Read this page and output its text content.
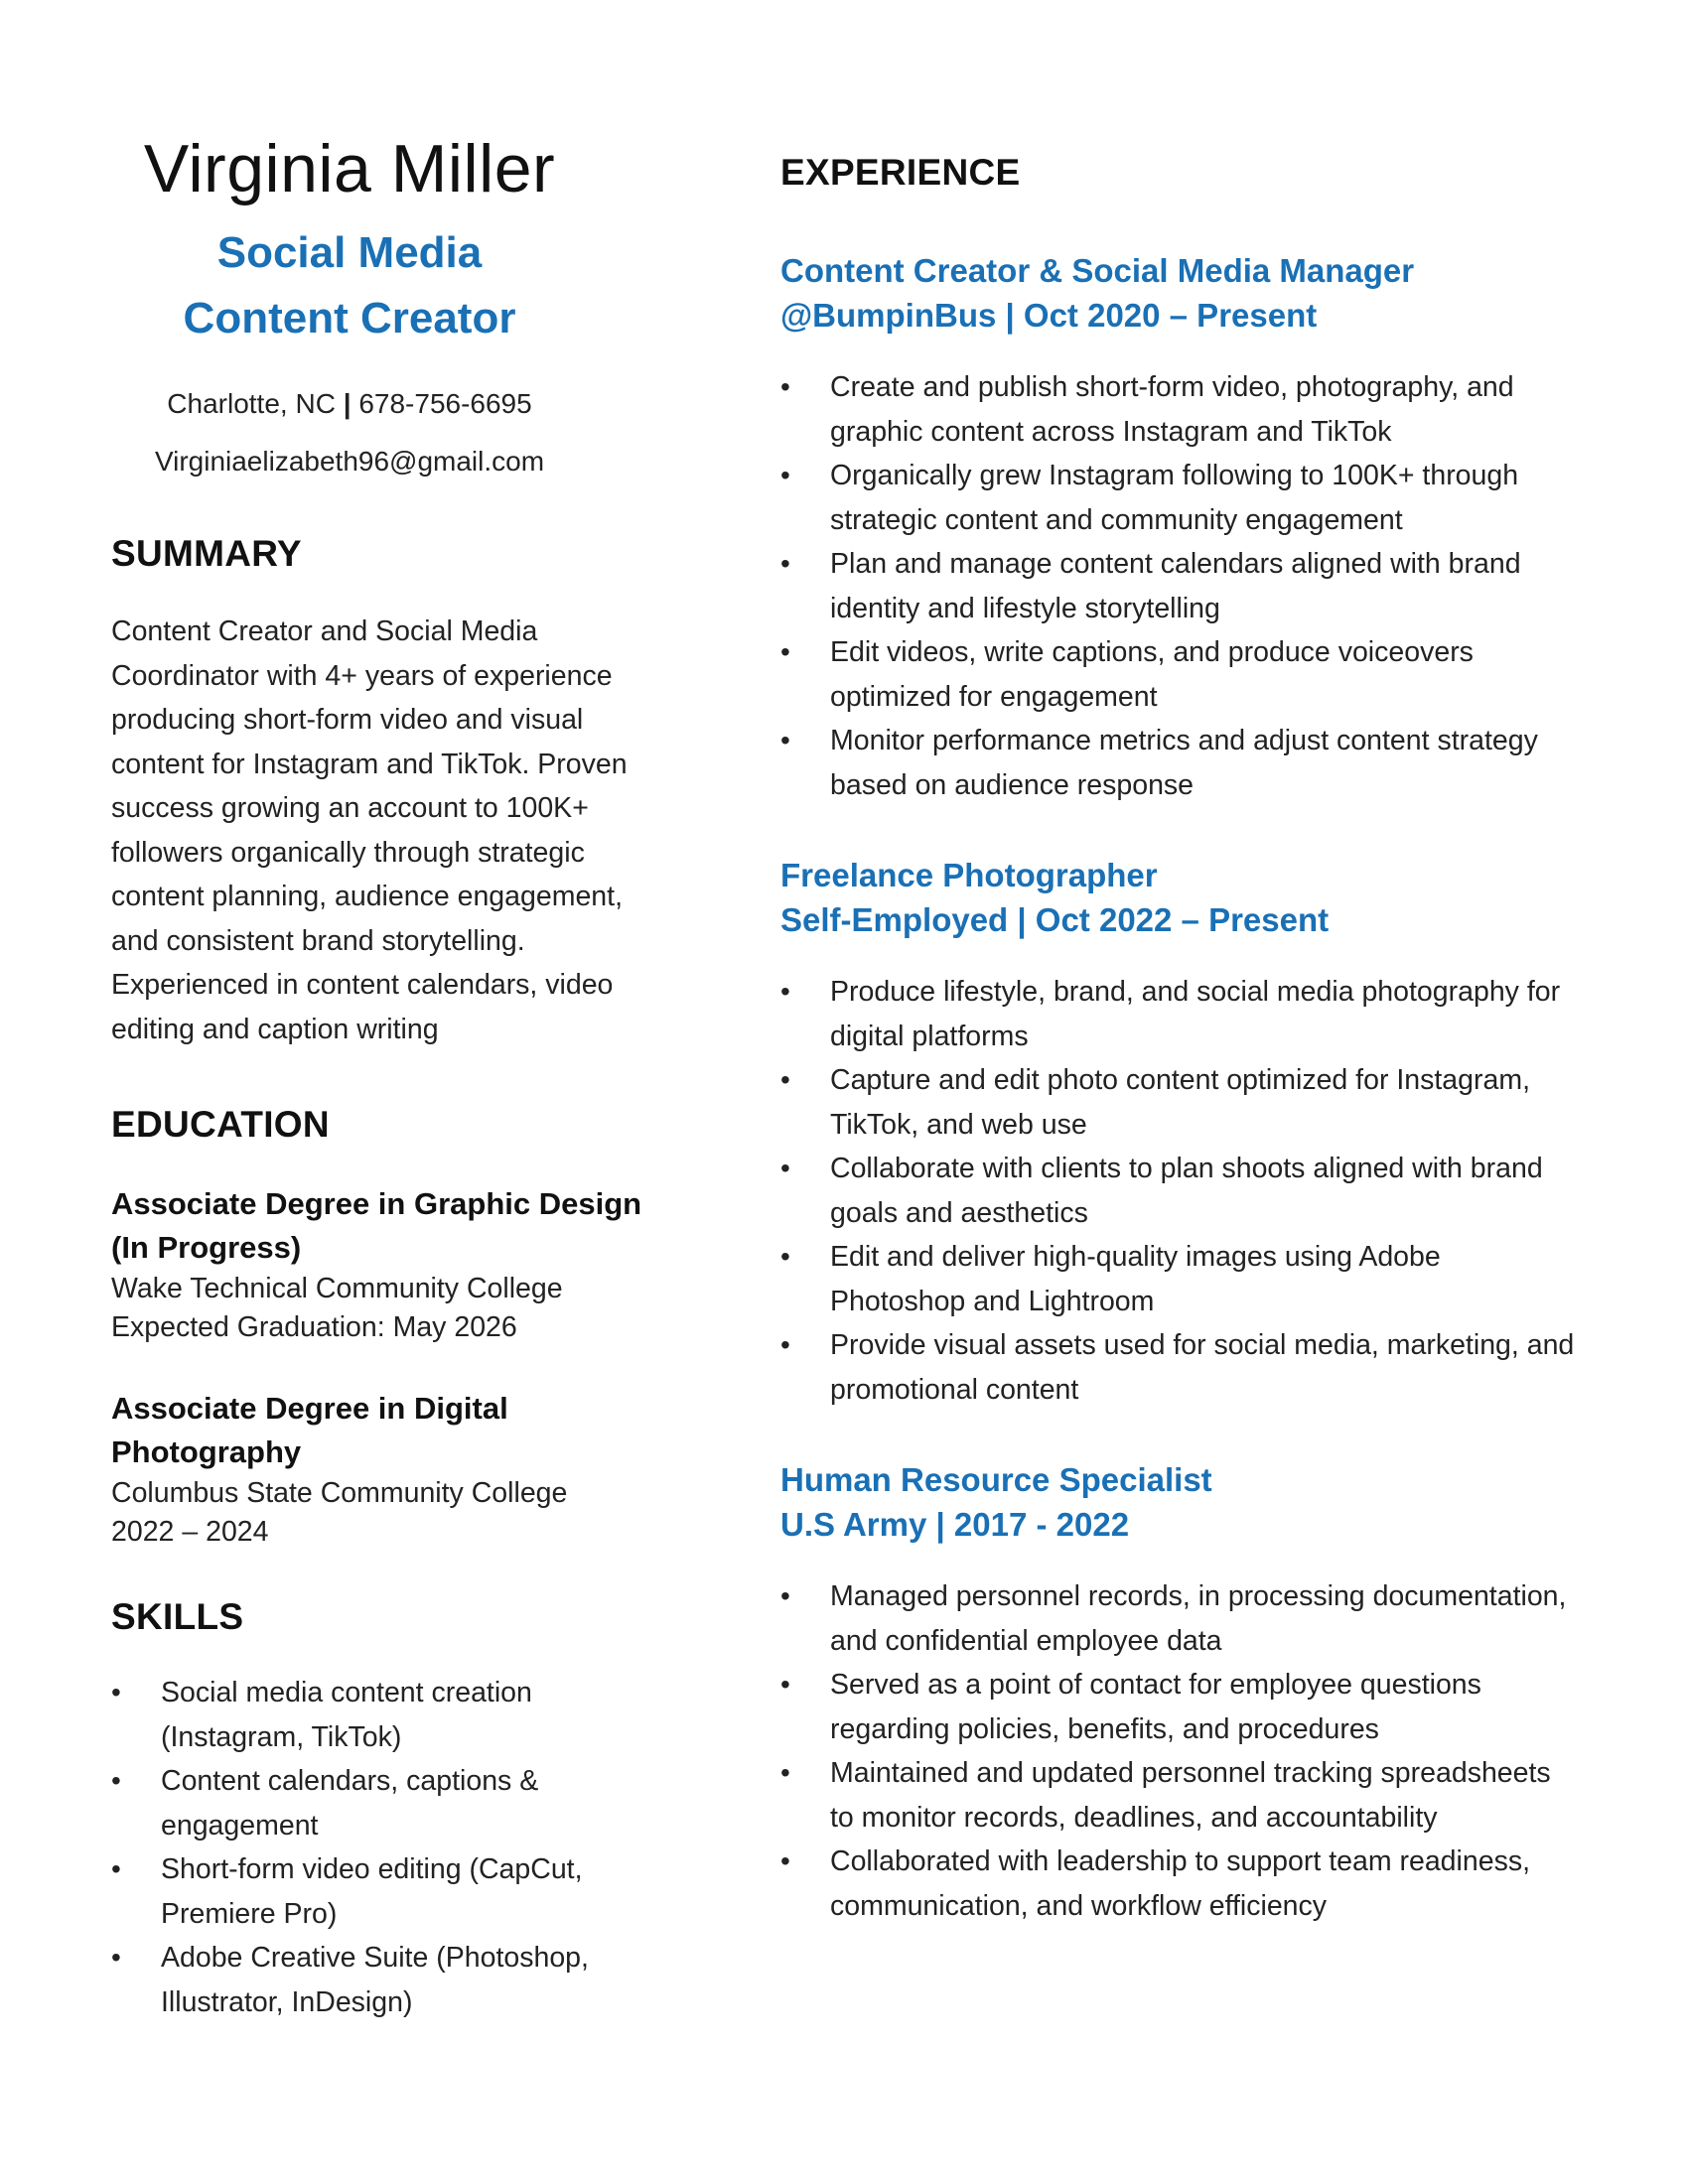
Virginia Miller
Social Media
Content Creator
Charlotte, NC | 678-756-6695
Virginiaelizabeth96@gmail.com
SUMMARY
Content Creator and Social Media
Coordinator with 4+ years of experience
producing short-form video and visual
content for Instagram and TikTok. Proven
success growing an account to 100K+
followers organically through strategic
content planning, audience engagement,
and consistent brand storytelling.
Experienced in content calendars, video
editing and caption writing
EDUCATION
Associate Degree in Graphic Design
(In Progress)
Wake Technical Community College
Expected Graduation: May 2026
Associate Degree in Digital
Photography
Columbus State Community College
2022 – 2024
SKILLS
• Social media content creation
(Instagram, TikTok)
• Content calendars, captions &
engagement
• Short-form video editing (CapCut,
Premiere Pro)
• Adobe Creative Suite (Photoshop,
Illustrator, InDesign)
EXPERIENCE
Content Creator & Social Media Manager
@BumpinBus | Oct 2020 – Present
• Create and publish short-form video, photography, and
graphic content across Instagram and TikTok
• Organically grew Instagram following to 100K+ through
strategic content and community engagement
• Plan and manage content calendars aligned with brand
identity and lifestyle storytelling
• Edit videos, write captions, and produce voiceovers
optimized for engagement
• Monitor performance metrics and adjust content strategy
based on audience response
Freelance Photographer
Self-Employed | Oct 2022 – Present
• Produce lifestyle, brand, and social media photography for
digital platforms
• Capture and edit photo content optimized for Instagram,
TikTok, and web use
• Collaborate with clients to plan shoots aligned with brand
goals and aesthetics
• Edit and deliver high-quality images using Adobe
Photoshop and Lightroom
• Provide visual assets used for social media, marketing, and
promotional content
Human Resource Specialist
U.S Army | 2017 - 2022
• Managed personnel records, in processing documentation,
and confidential employee data
• Served as a point of contact for employee questions
regarding policies, benefits, and procedures
• Maintained and updated personnel tracking spreadsheets
to monitor records, deadlines, and accountability
• Collaborated with leadership to support team readiness,
communication, and workflow efficiency
